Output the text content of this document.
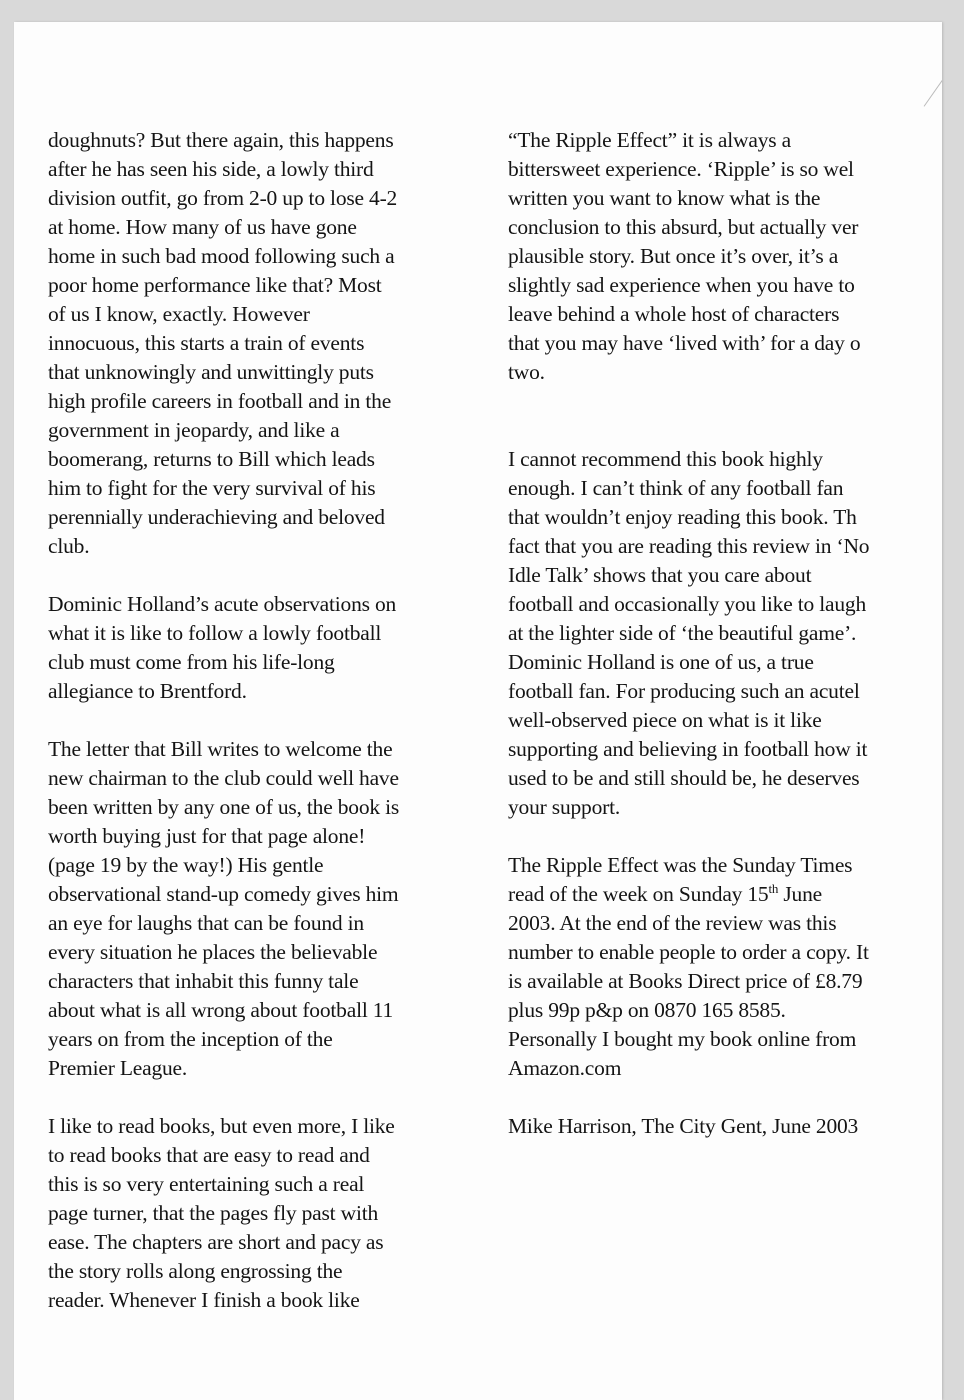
doughnuts? But there again, this happens
after he has seen his side, a lowly third
division outfit, go from 2-0 up to lose 4-2
at home. How many of us have gone
home in such bad mood following such a
poor home performance like that? Most
of us I know, exactly. However
innocuous, this starts a train of events
that unknowingly and unwittingly puts
high profile careers in football and in the
government in jeopardy, and like a
boomerang, returns to Bill which leads
him to fight for the very survival of his
perennially underachieving and beloved
club.
Dominic Holland’s acute observations on
what it is like to follow a lowly football
club must come from his life-long
allegiance to Brentford.
The letter that Bill writes to welcome the
new chairman to the club could well have
been written by any one of us, the book is
worth buying just for that page alone!
(page 19 by the way!) His gentle
observational stand-up comedy gives him
an eye for laughs that can be found in
every situation he places the believable
characters that inhabit this funny tale
about what is all wrong about football 11
years on from the inception of the
Premier League.
I like to read books, but even more, I like
to read books that are easy to read and
this is so very entertaining such a real
page turner, that the pages fly past with
ease. The chapters are short and pacy as
the story rolls along engrossing the
reader. Whenever I finish a book like
“The Ripple Effect” it is always a
bittersweet experience. ‘Ripple’ is so wel
written you want to know what is the
conclusion to this absurd, but actually ver
plausible story. But once it’s over, it’s a
slightly sad experience when you have to
leave behind a whole host of characters
that you may have ‘lived with’ for a day o
two.
I cannot recommend this book highly
enough. I can’t think of any football fan
that wouldn’t enjoy reading this book. Th
fact that you are reading this review in ‘No
Idle Talk’ shows that you care about
football and occasionally you like to laugh
at the lighter side of ‘the beautiful game’.
Dominic Holland is one of us, a true
football fan. For producing such an acutel
well-observed piece on what is it like
supporting and believing in football how it
used to be and still should be, he deserves
your support.
The Ripple Effect was the Sunday Times
read of the week on Sunday 15th June
2003. At the end of the review was this
number to enable people to order a copy. It
is available at Books Direct price of £8.79
plus 99p p&p on 0870 165 8585.
Personally I bought my book online from
Amazon.com
Mike Harrison, The City Gent, June 2003
